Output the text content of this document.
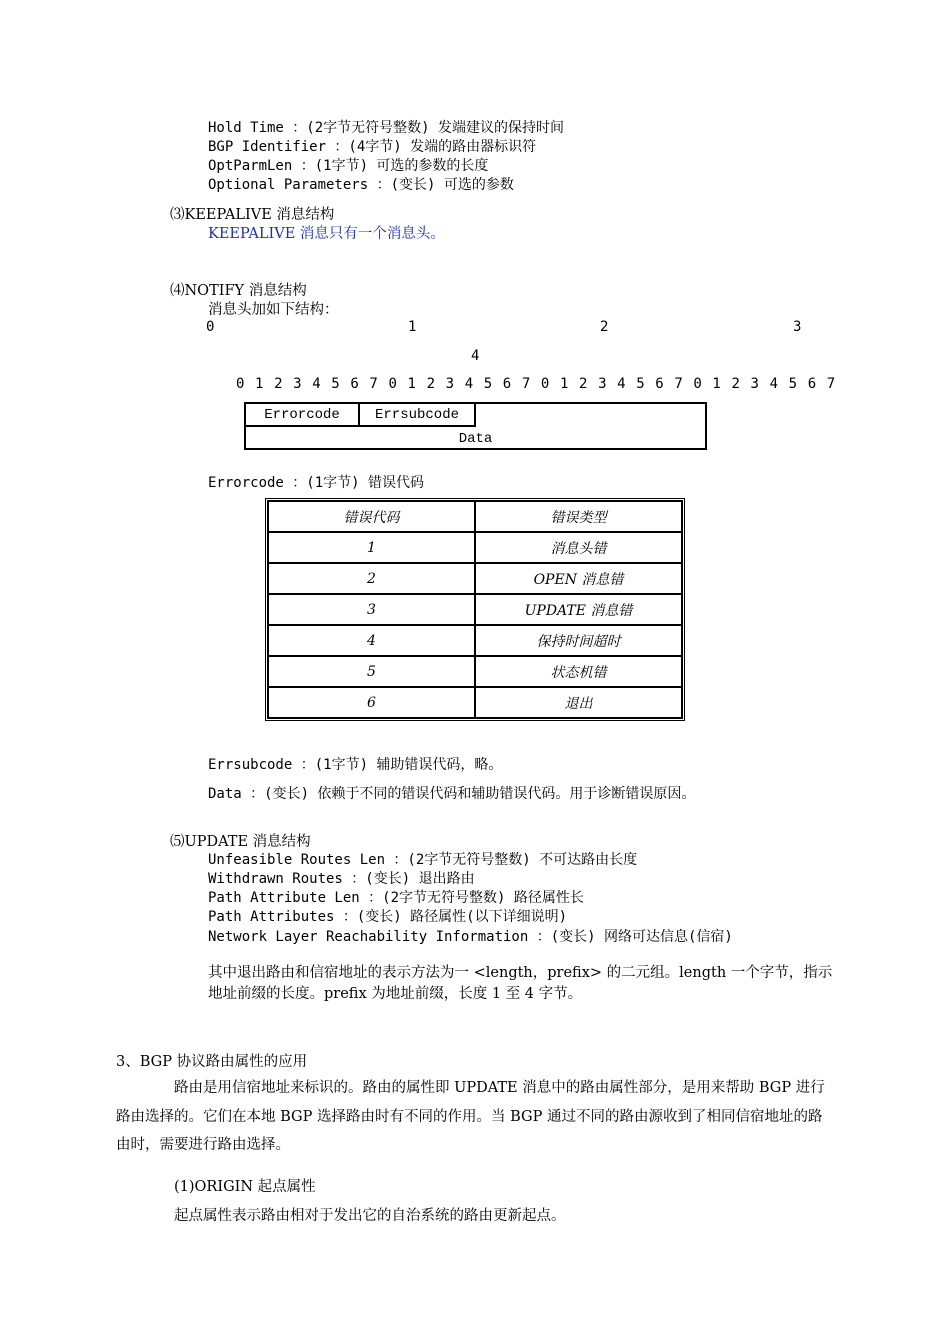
Hold Time ：(2字节无符号整数) 发端建议的保持时间
BGP Identifier ：(4字节) 发端的路由器标识符
OptParmLen ：(1字节) 可选的参数的长度
Optional Parameters ：(变长) 可选的参数
⑶KEEPALIVE 消息结构
KEEPALIVE 消息只有一个消息头。
⑷NOTIFY 消息结构
消息头加如下结构：
0	1	2	3
4
0 1 2 3 4 5 6 7 0 1 2 3 4 5 6 7 0 1 2 3 4 5 6 7 0 1 2 3 4 5 6 7
Errorcode	Errsubcode
Data
Errorcode ：(1字节) 错误代码
错误代码	错误类型
1	消息头错
2	OPEN 消息错
3	UPDATE 消息错
4	保持时间超时
5	状态机错
6	退出
Errsubcode ：(1字节) 辅助错误代码，略。
Data ：(变长) 依赖于不同的错误代码和辅助错误代码。用于诊断错误原因。
⑸UPDATE 消息结构
Unfeasible Routes Len ：(2字节无符号整数) 不可达路由长度
Withdrawn Routes ：(变长) 退出路由
Path Attribute Len ：(2字节无符号整数) 路径属性长
Path Attributes ：(变长) 路径属性(以下详细说明)
Network Layer Reachability Information ：(变长) 网络可达信息(信宿)
其中退出路由和信宿地址的表示方法为一 <length，prefix> 的二元组。length 一个字节，指示地址前缀的长度。prefix 为地址前缀，长度 1 至 4 字节。
3、BGP 协议路由属性的应用
路由是用信宿地址来标识的。路由的属性即 UPDATE 消息中的路由属性部分，是用来帮助 BGP 进行路由选择的。它们在本地 BGP 选择路由时有不同的作用。当 BGP 通过不同的路由源收到了相同信宿地址的路由时，需要进行路由选择。
(1)ORIGIN 起点属性
起点属性表示路由相对于发出它的自治系统的路由更新起点。
